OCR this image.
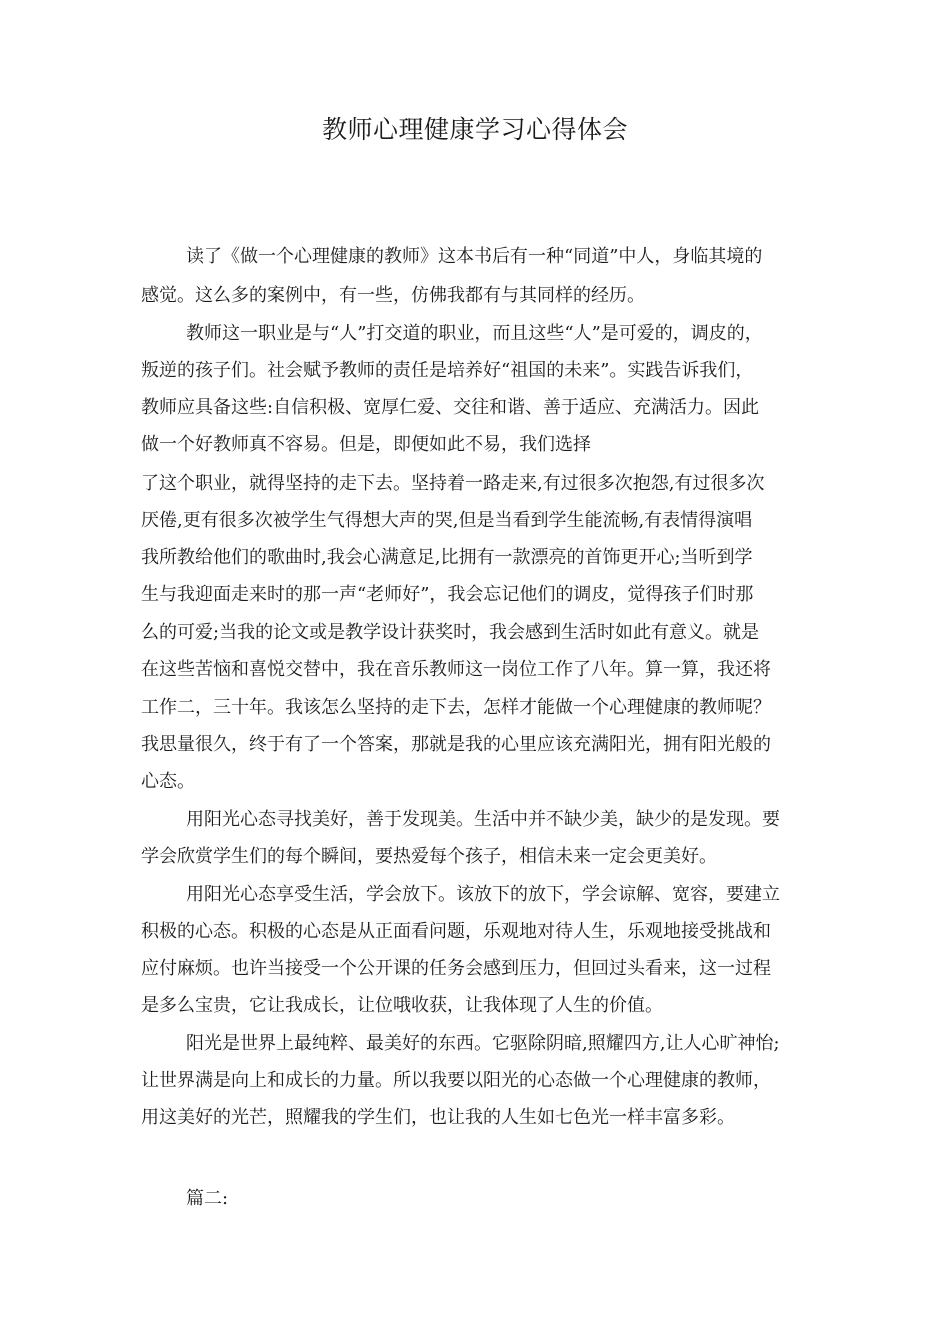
教师心理健康学习心得体会

读了《做一个心理健康的教师》这本书后有一种“同道”中人，身临其境的

感觉。这么多的案例中，有一些，仿佛我都有与其同样的经历。

教师这一职业是与“人”打交道的职业，而且这些“人”是可爱的，调皮的，

叛逆的孩子们。社会赋予教师的责任是培养好“祖国的未来”。实践告诉我们，

教师应具备这些:自信积极、宽厚仁爱、交往和谐、善于适应、充满活力。因此

做一个好教师真不容易。但是，即便如此不易，我们选择

了这个职业，就得坚持的走下去。坚持着一路走来,有过很多次抱怨,有过很多次

厌倦,更有很多次被学生气得想大声的哭,但是当看到学生能流畅,有表情得演唱

我所教给他们的歌曲时,我会心满意足,比拥有一款漂亮的首饰更开心;当听到学

生与我迎面走来时的那一声“老师好”，我会忘记他们的调皮，觉得孩子们时那

么的可爱;当我的论文或是教学设计获奖时，我会感到生活时如此有意义。就是

在这些苦恼和喜悦交替中，我在音乐教师这一岗位工作了八年。算一算，我还将

工作二，三十年。我该怎么坚持的走下去，怎样才能做一个心理健康的教师呢？

我思量很久，终于有了一个答案，那就是我的心里应该充满阳光，拥有阳光般的

心态。

用阳光心态寻找美好，善于发现美。生活中并不缺少美，缺少的是发现。要

学会欣赏学生们的每个瞬间，要热爱每个孩子，相信未来一定会更美好。

用阳光心态享受生活，学会放下。该放下的放下，学会谅解、宽容，要建立

积极的心态。积极的心态是从正面看问题，乐观地对待人生，乐观地接受挑战和

应付麻烦。也许当接受一个公开课的任务会感到压力，但回过头看来，这一过程

是多么宝贵，它让我成长，让位哦收获，让我体现了人生的价值。

阳光是世界上最纯粹、最美好的东西。它驱除阴暗,照耀四方,让人心旷神怡;

让世界满是向上和成长的力量。所以我要以阳光的心态做一个心理健康的教师，

用这美好的光芒，照耀我的学生们，也让我的人生如七色光一样丰富多彩。

篇二:
